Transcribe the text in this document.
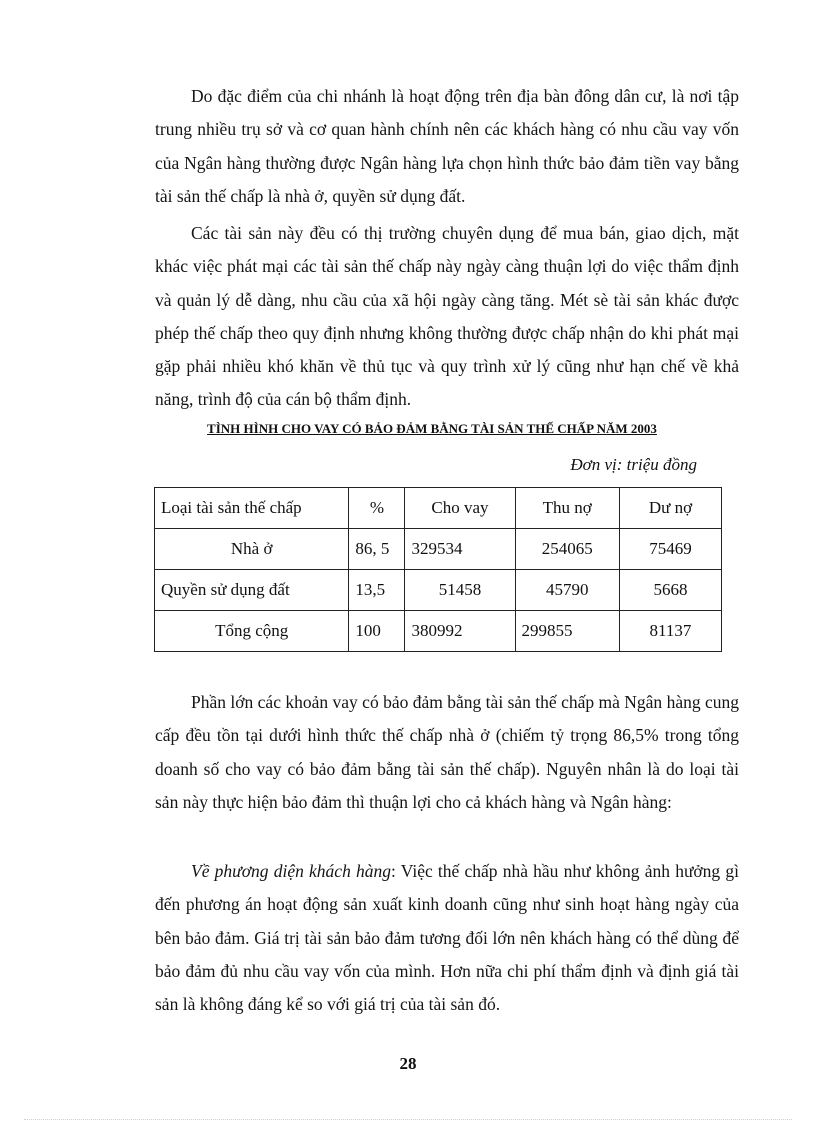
Do đặc điểm của chi nhánh là hoạt động trên địa bàn đông dân cư, là nơi tập trung nhiều trụ sở và cơ quan hành chính nên các khách hàng có nhu cầu vay vốn của Ngân hàng thường được Ngân hàng lựa chọn hình thức bảo đảm tiền vay bằng tài sản thế chấp là nhà ở, quyền sử dụng đất.

Các tài sản này đều có thị trường chuyên dụng để mua bán, giao dịch, mặt khác việc phát mại các tài sản thế chấp này ngày càng thuận lợi do việc thẩm định và quản lý dễ dàng, nhu cầu của xã hội ngày càng tăng. Mét sè tài sản khác được phép thế chấp theo quy định nhưng không thường được chấp nhận do khi phát mại gặp phải nhiều khó khăn về thủ tục và quy trình xử lý cũng như hạn chế về khả năng, trình độ của cán bộ thẩm định.

TÌNH HÌNH CHO VAY CÓ BẢO ĐẢM BẰNG TÀI SẢN THẾ CHẤP NĂM 2003

Đơn vị: triệu đồng

Loại tài sản thế chấp	%	Cho vay	Thu nợ	Dư nợ
Nhà ở	86, 5	329534	254065	75469
Quyền sử dụng đất	13,5	51458	45790	5668
Tổng cộng	100	380992	299855	81137

Phần lớn các khoản vay có bảo đảm bằng tài sản thế chấp mà Ngân hàng cung cấp đều tồn tại dưới hình thức thế chấp nhà ở (chiếm tỷ trọng 86,5% trong tổng doanh số cho vay có bảo đảm bằng tài sản thế chấp). Nguyên nhân là do loại tài sản này thực hiện bảo đảm thì thuận lợi cho cả khách hàng và Ngân hàng:

Về phương diện khách hàng: Việc thế chấp nhà hầu như không ảnh hưởng gì đến phương án hoạt động sản xuất kinh doanh cũng như sinh hoạt hàng ngày của bên bảo đảm. Giá trị tài sản bảo đảm tương đối lớn nên khách hàng có thể dùng để bảo đảm đủ nhu cầu vay vốn của mình. Hơn nữa chi phí thẩm định và định giá tài sản là không đáng kể so với giá trị của tài sản đó.

28
